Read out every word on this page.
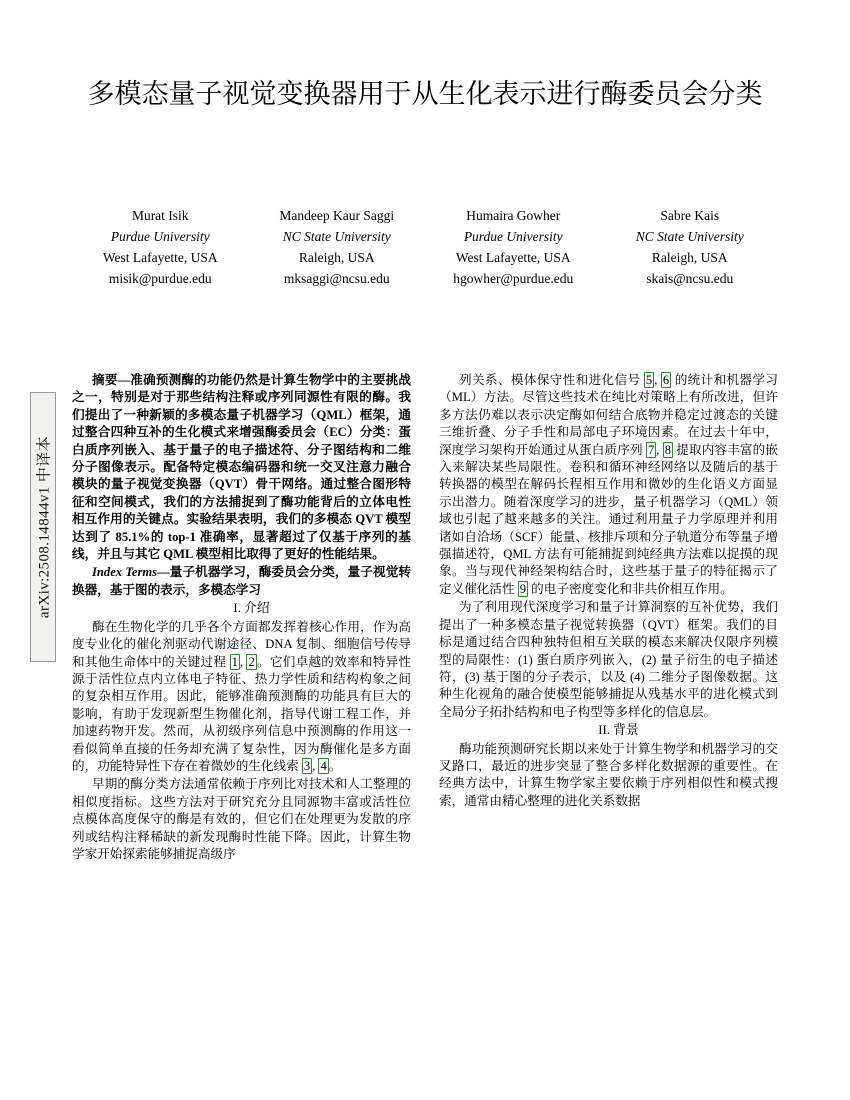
arXiv:2508.14844v1 中译本
多模态量子视觉变换器用于从生化表示进行酶委员会分类
Murat Isik
Purdue University
West Lafayette, USA
misik@purdue.edu
Mandeep Kaur Saggi
NC State University
Raleigh, USA
mksaggi@ncsu.edu
Humaira Gowher
Purdue University
West Lafayette, USA
hgowher@purdue.edu
Sabre Kais
NC State University
Raleigh, USA
skais@ncsu.edu

摘要—准确预测酶的功能仍然是计算生物学中的主要挑战之一，特别是对于那些结构注释或序列同源性有限的酶。我们提出了一种新颖的多模态量子机器学习（QML）框架，通过整合四种互补的生化模式来增强酶委员会（EC）分类：蛋白质序列嵌入、基于量子的电子描述符、分子图结构和二维分子图像表示。配备特定模态编码器和统一交叉注意力融合模块的量子视觉变换器（QVT）骨干网络。通过整合图形特征和空间模式，我们的方法捕捉到了酶功能背后的立体电性相互作用的关键点。实验结果表明，我们的多模态 QVT 模型达到了 85.1%的 top-1 准确率，显著超过了仅基于序列的基线，并且与其它 QML 模型相比取得了更好的性能结果。

Index Terms—量子机器学习，酶委员会分类，量子视觉转换器，基于图的表示，多模态学习

I. 介绍

酶在生物化学的几乎各个方面都发挥着核心作用，作为高度专业化的催化剂驱动代谢途径、DNA 复制、细胞信号传导和其他生命体中的关键过程 1 , 2 。它们卓越的效率和特异性源于活性位点内立体电子特征、热力学性质和结构构象之间的复杂相互作用。因此，能够准确预测酶的功能具有巨大的影响，有助于发现新型生物催化剂，指导代谢工程工作，并加速药物开发。然而，从初级序列信息中预测酶的作用这一看似简单直接的任务却充满了复杂性，因为酶催化是多方面的，功能特异性下存在着微妙的生化线索 3 , 4 。

早期的酶分类方法通常依赖于序列比对技术和人工整理的相似度指标。这些方法对于研究充分且同源物丰富或活性位点模体高度保守的酶是有效的，但它们在处理更为发散的序列或结构注释稀缺的新发现酶时性能下降。因此，计算生物学家开始探索能够捕捉高级序

列关系、模体保守性和进化信号 5 , 6 的统计和机器学习（ML）方法。尽管这些技术在纯比对策略上有所改进，但许多方法仍难以表示决定酶如何结合底物并稳定过渡态的关键三维折叠、分子手性和局部电子环境因素。在过去十年中，深度学习架构开始通过从蛋白质序列 7 , 8 提取内容丰富的嵌入来解决某些局限性。卷积和循环神经网络以及随后的基于转换器的模型在解码长程相互作用和微妙的生化语义方面显示出潜力。随着深度学习的进步，量子机器学习（QML）领域也引起了越来越多的关注。通过利用量子力学原理并利用诸如自洽场（SCF）能量、核排斥项和分子轨道分布等量子增强描述符，QML 方法有可能捕捉到纯经典方法难以捉摸的现象。当与现代神经架构结合时，这些基于量子的特征揭示了定义催化活性 9 的电子密度变化和非共价相互作用。

为了利用现代深度学习和量子计算洞察的互补优势，我们提出了一种多模态量子视觉转换器（QVT）框架。我们的目标是通过结合四种独特但相互关联的模态来解决仅限序列模型的局限性：(1) 蛋白质序列嵌入，(2) 量子衍生的电子描述符，(3) 基于图的分子表示，以及 (4) 二维分子图像数据。这种生化视角的融合使模型能够捕捉从残基水平的进化模式到全局分子拓扑结构和电子构型等多样化的信息层。

II. 背景

酶功能预测研究长期以来处于计算生物学和机器学习的交叉路口，最近的进步突显了整合多样化数据源的重要性。在经典方法中，计算生物学家主要依赖于序列相似性和模式搜索，通常由精心整理的进化关系数据
